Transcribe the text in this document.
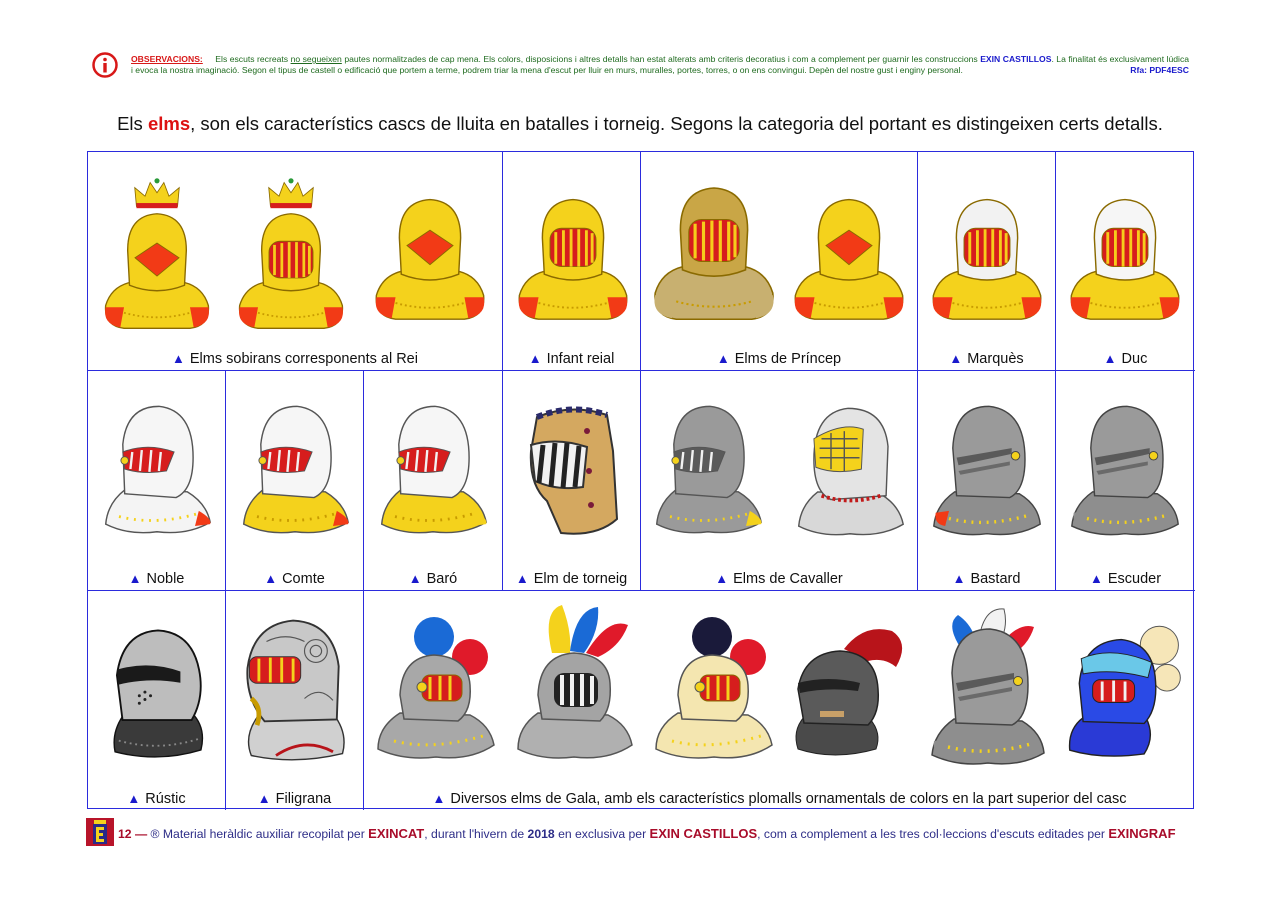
OBSERVACIONS: Els escuts recreats no segueixen pautes normalitzades de cap mena. Els colors, disposicions i altres detalls han estat alterats amb criteris decoratius i com a complement per guarnir les construccions EXIN CASTILLOS. La finalitat és exclusivament lúdica i evoca la nostra imaginació. Segon el tipus de castell o edificació que portem a terme, podrem triar la mena d'escut per lluir en murs, muralles, portes, torres, o on ens convingui. Depèn del nostre gust i enginy personal.	Rfa: PDF4ESC
Els elms, son els característics cascs de lluita en batalles i torneig. Segons la categoria del portant es distingeixen certs detalls.
▲ Elms sobirans corresponents al Rei	▲ Infant reial	▲ Elms de Príncep	▲ Marquès	▲ Duc
▲ Noble	▲ Comte	▲ Baró	▲ Elm de torneig	▲ Elms de Cavaller	▲ Bastard	▲ Escuder
▲ Rústic	▲ Filigrana	▲ Diversos elms de Gala, amb els característics plomalls ornamentals de colors en la part superior del casc
12 — ® Material heràldic auxiliar recopilat per EXINCAT, durant l'hivern de 2018 en exclusiva per EXIN CASTILLOS, com a complement a les tres col·leccions d'escuts editades per EXINGRAF
